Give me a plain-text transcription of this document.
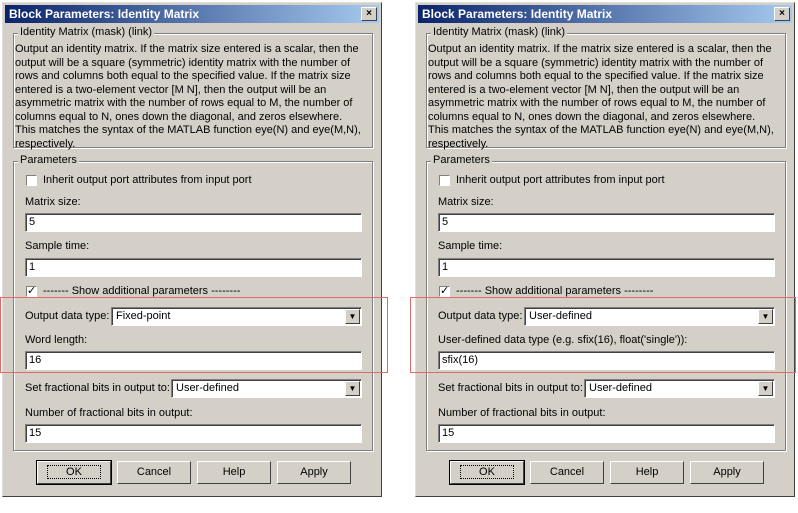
Block Parameters: Identity Matrix	×
Identity Matrix (mask) (link)
Output an identity matrix. If the matrix size entered is a scalar, then the output will be a square (symmetric) identity matrix with the number of rows and columns both equal to the specified value. If the matrix size entered is a two-element vector [M N], then the output will be an asymmetric matrix with the number of rows equal to M, the number of columns equal to N, ones down the diagonal, and zeros elsewhere. This matches the syntax of the MATLAB function eye(N) and eye(M,N), respectively.
Parameters
Inherit output port attributes from input port
Matrix size:
5
Sample time:
1
✓ ------- Show additional parameters --------
Output data type: Fixed-point	▼
Word length:
16
Set fractional bits in output to: User-defined	▼
Number of fractional bits in output:
15
OK	Cancel	Help	Apply
Block Parameters: Identity Matrix	×
Identity Matrix (mask) (link)
Output an identity matrix. If the matrix size entered is a scalar, then the output will be a square (symmetric) identity matrix with the number of rows and columns both equal to the specified value. If the matrix size entered is a two-element vector [M N], then the output will be an asymmetric matrix with the number of rows equal to M, the number of columns equal to N, ones down the diagonal, and zeros elsewhere. This matches the syntax of the MATLAB function eye(N) and eye(M,N), respectively.
Parameters
Inherit output port attributes from input port
Matrix size:
5
Sample time:
1
✓ ------- Show additional parameters --------
Output data type: User-defined	▼
User-defined data type (e.g. sfix(16), float('single')):
sfix(16)
Set fractional bits in output to: User-defined	▼
Number of fractional bits in output:
15
OK	Cancel	Help	Apply
